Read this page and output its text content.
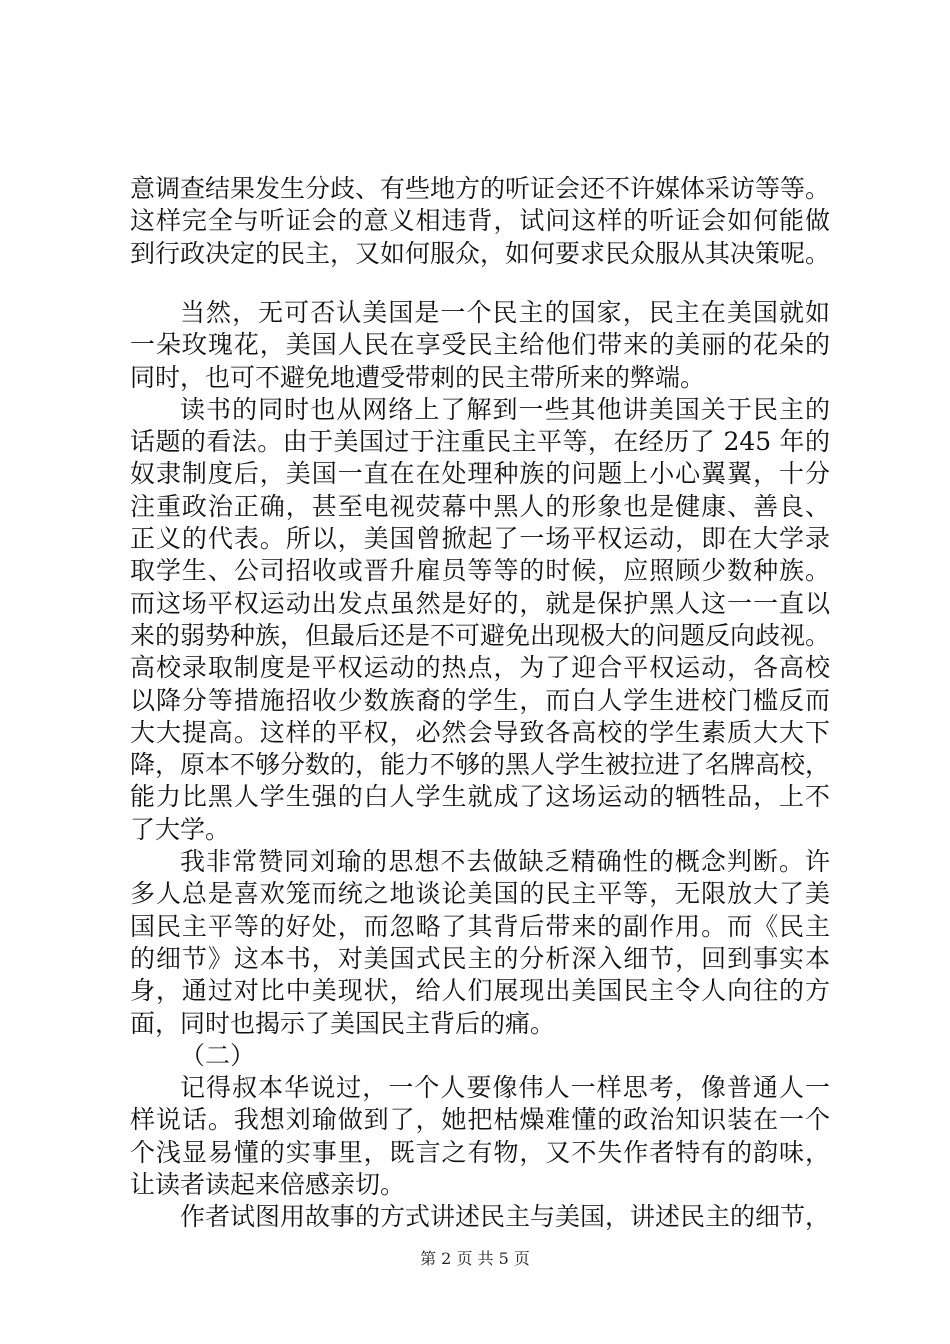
意调查结果发生分歧、有些地方的听证会还不许媒体采访等等。
这样完全与听证会的意义相违背，试问这样的听证会如何能做
到行政决定的民主，又如何服众，如何要求民众服从其决策呢。
当然，无可否认美国是一个民主的国家，民主在美国就如
一朵玫瑰花，美国人民在享受民主给他们带来的美丽的花朵的
同时，也可不避免地遭受带刺的民主带所来的弊端。
读书的同时也从网络上了解到一些其他讲美国关于民主的
话题的看法。由于美国过于注重民主平等，在经历了 245 年的
奴隶制度后，美国一直在在处理种族的问题上小心翼翼，十分
注重政治正确，甚至电视荧幕中黑人的形象也是健康、善良、
正义的代表。所以，美国曾掀起了一场平权运动，即在大学录
取学生、公司招收或晋升雇员等等的时候，应照顾少数种族。
而这场平权运动出发点虽然是好的，就是保护黑人这一一直以
来的弱势种族，但最后还是不可避免出现极大的问题反向歧视。
高校录取制度是平权运动的热点，为了迎合平权运动，各高校
以降分等措施招收少数族裔的学生，而白人学生进校门槛反而
大大提高。这样的平权，必然会导致各高校的学生素质大大下
降，原本不够分数的，能力不够的黑人学生被拉进了名牌高校，
能力比黑人学生强的白人学生就成了这场运动的牺牲品，上不
了大学。
我非常赞同刘瑜的思想不去做缺乏精确性的概念判断。许
多人总是喜欢笼而统之地谈论美国的民主平等，无限放大了美
国民主平等的好处，而忽略了其背后带来的副作用。而《民主
的细节》这本书，对美国式民主的分析深入细节，回到事实本
身，通过对比中美现状，给人们展现出美国民主令人向往的方
面，同时也揭示了美国民主背后的痛。
（二）
记得叔本华说过，一个人要像伟人一样思考，像普通人一
样说话。我想刘瑜做到了，她把枯燥难懂的政治知识装在一个
个浅显易懂的实事里，既言之有物，又不失作者特有的韵味，
让读者读起来倍感亲切。
作者试图用故事的方式讲述民主与美国，讲述民主的细节，
第 2 页 共 5 页
